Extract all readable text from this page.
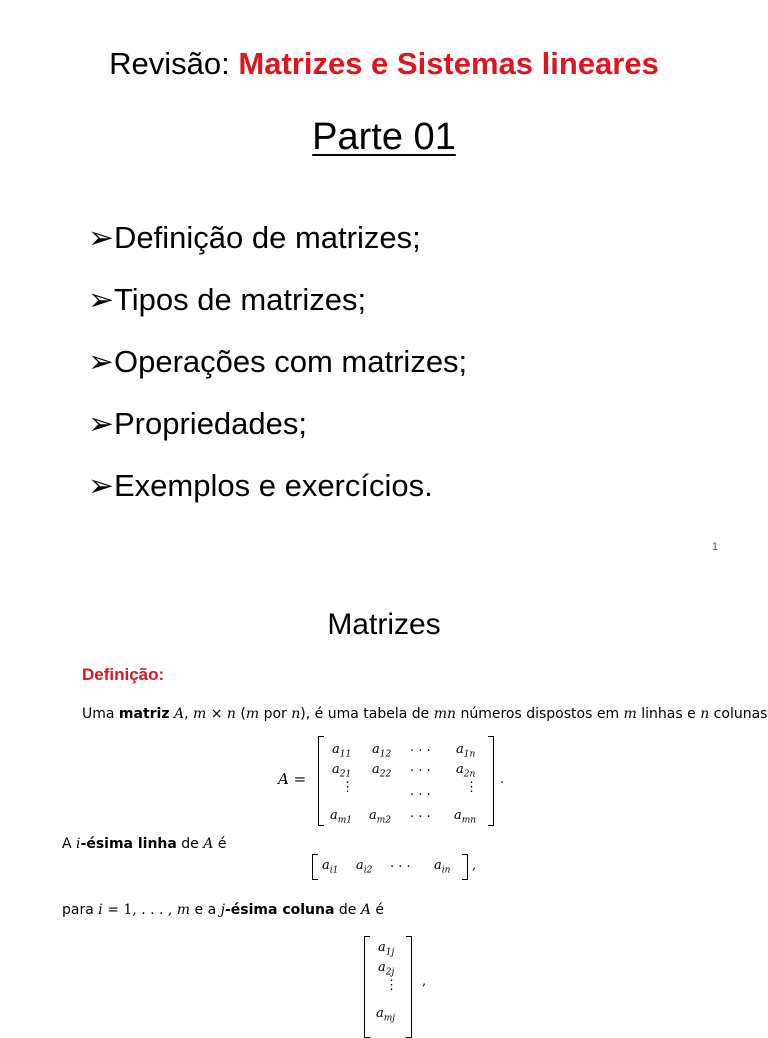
Revisão: Matrizes e Sistemas lineares
Parte 01
➢Definição de matrizes;
➢Tipos de matrizes;
➢Operações com matrizes;
➢Propriedades;
➢Exemplos e exercícios.
1
Matrizes
Definição:
Uma matriz A, m × n (m por n), é uma tabela de mn números dispostos em m linhas e n colunas
A =
$a_{11}$ $a_{12}$ . . . $a_{1n}$
$a_{21}$ $a_{22}$ . . . $a_{2n}$
⋮	. . .	⋮
$a_{m1}$ $a_{m2}$ . . . $a_{mn}$
.
A i-ésima linha de A é
$a_{i1}$ $a_{i2}$ . . . $a_{in}$ ,
para i = 1, . . . , m e a j-ésima coluna de A é
$a_{1j}$
$a_{2j}$
⋮
$a_{mj}$
,
